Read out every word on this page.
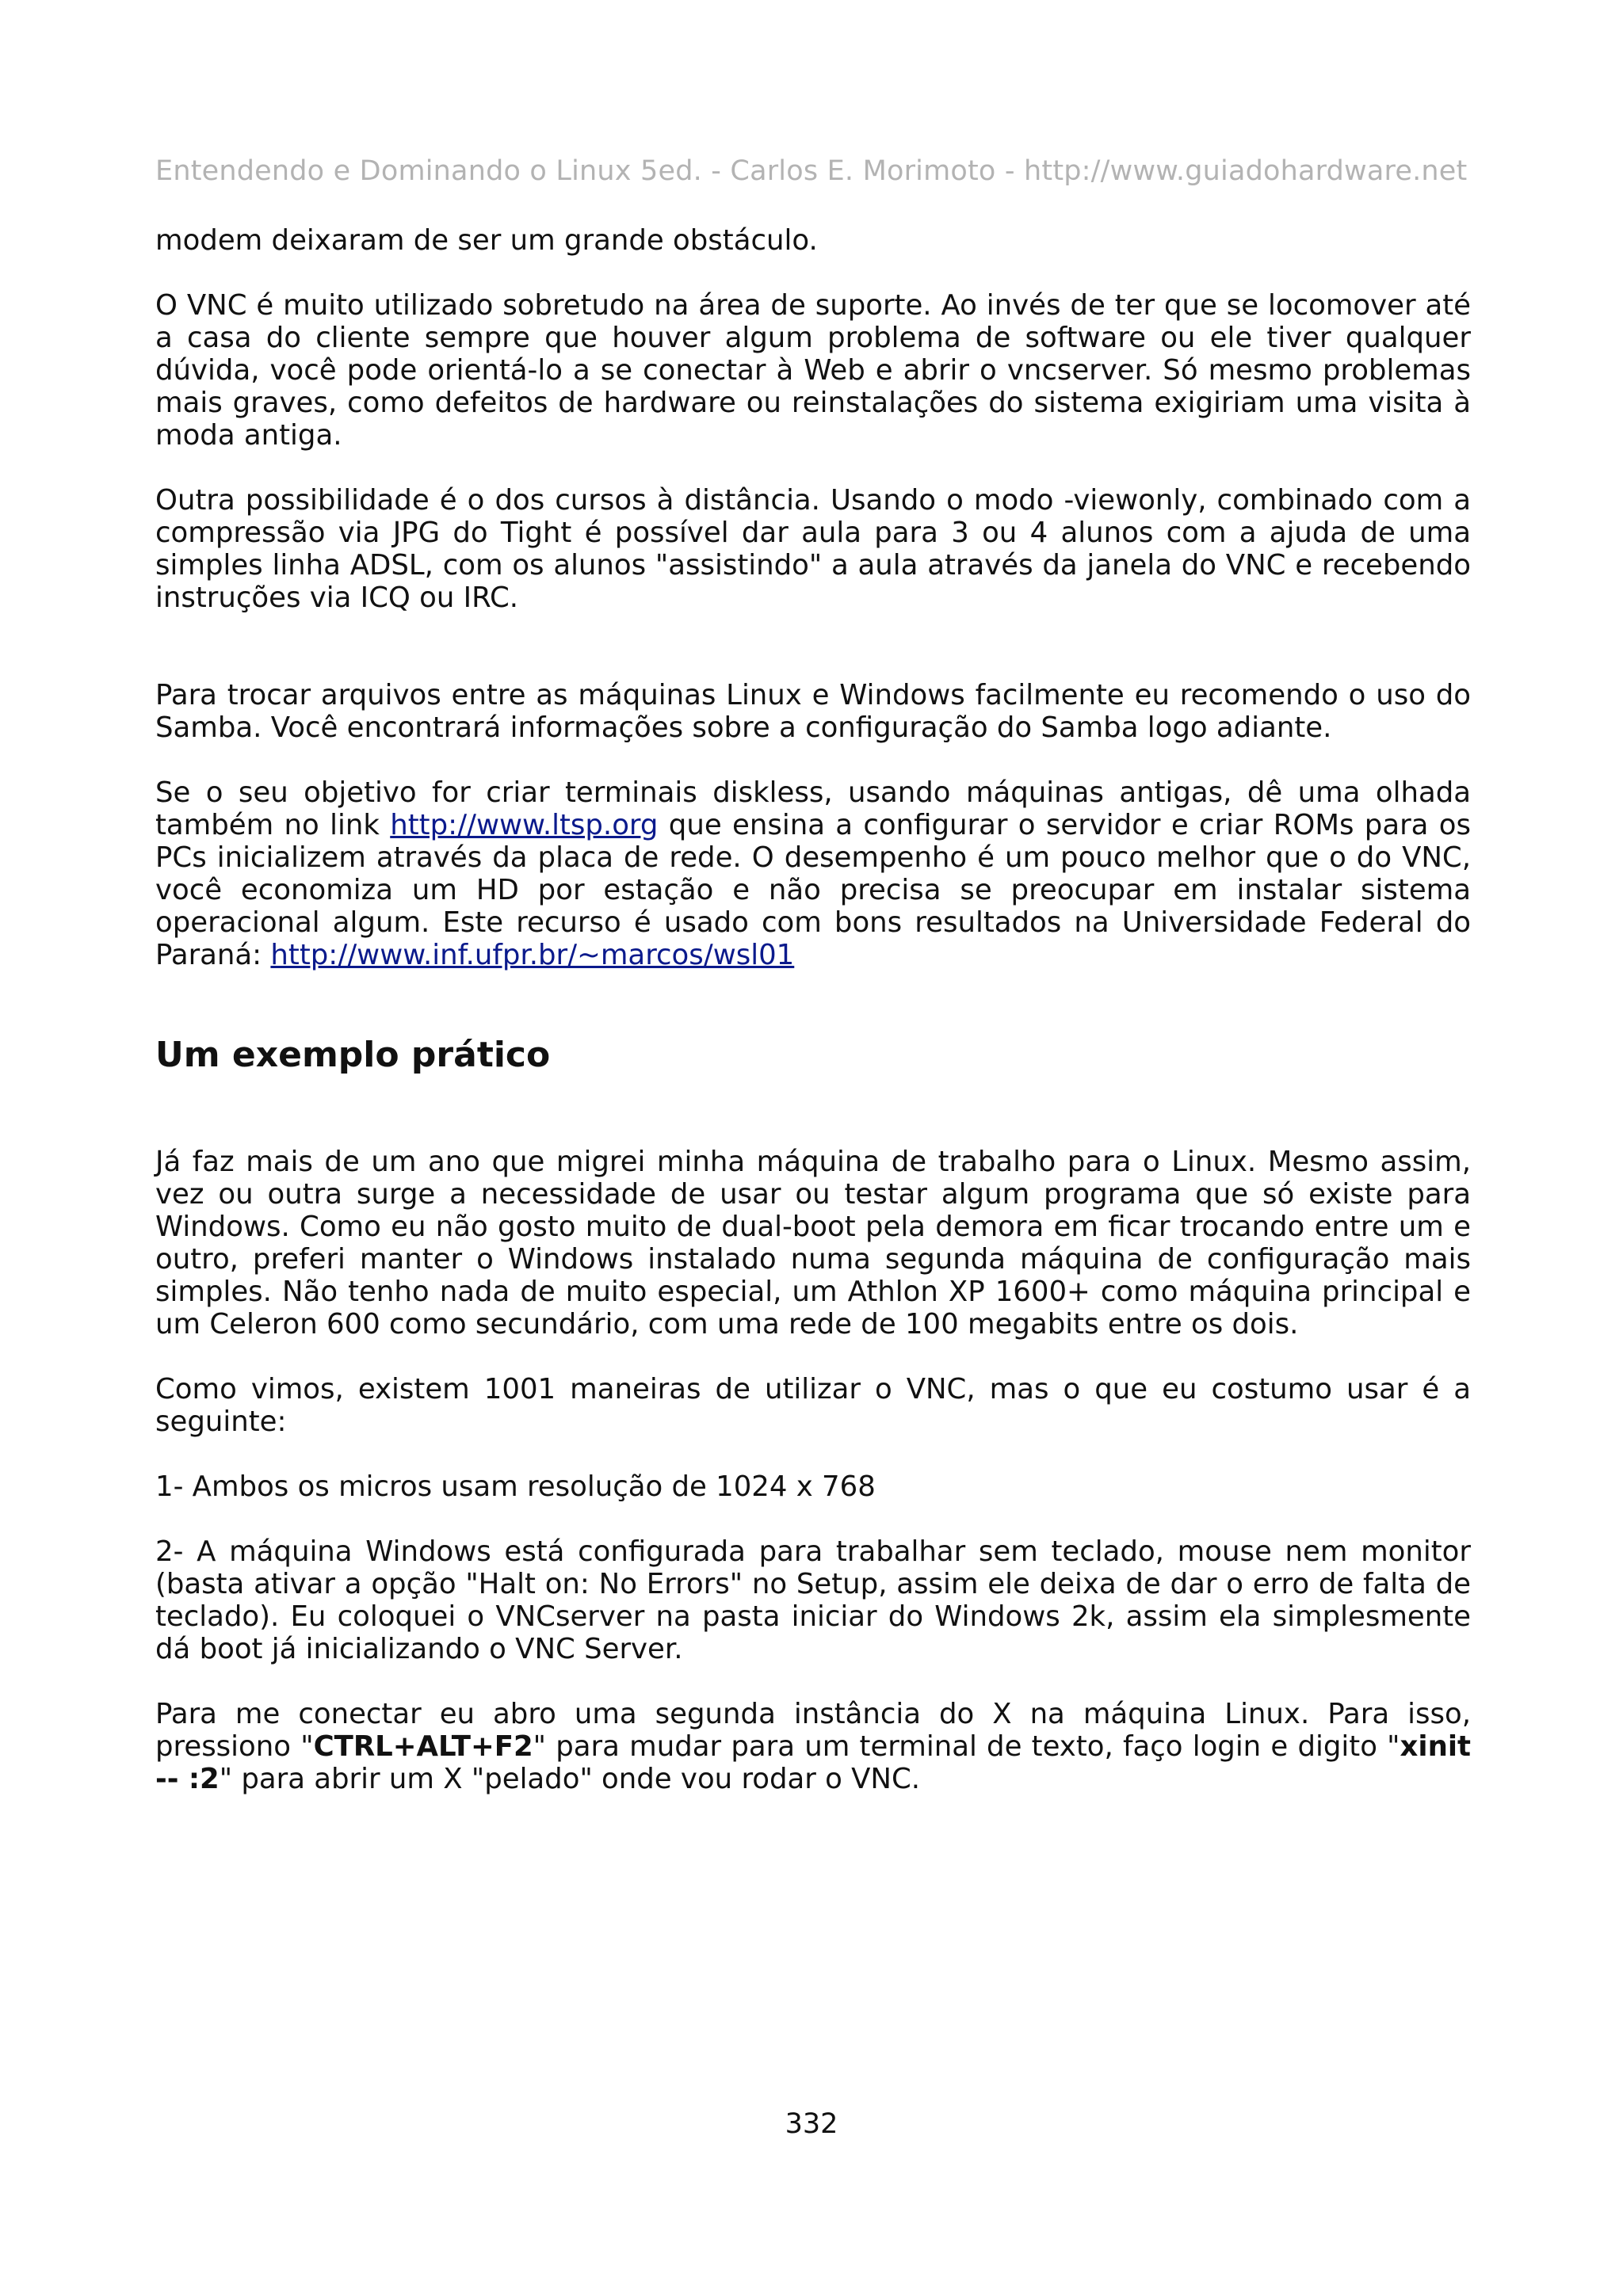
Entendendo e Dominando o Linux 5ed. - Carlos E. Morimoto - http://www.guiadohardware.net

modem deixaram de ser um grande obstáculo.

O VNC é muito utilizado sobretudo na área de suporte. Ao invés de ter que se locomover até a casa do cliente sempre que houver algum problema de software ou ele tiver qualquer dúvida, você pode orientá-lo a se conectar à Web e abrir o vncserver. Só mesmo problemas mais graves, como defeitos de hardware ou reinstalações do sistema exigiriam uma visita à moda antiga.

Outra possibilidade é o dos cursos à distância. Usando o modo -viewonly, combinado com a compressão via JPG do Tight é possível dar aula para 3 ou 4 alunos com a ajuda de uma simples linha ADSL, com os alunos "assistindo" a aula através da janela do VNC e recebendo instruções via ICQ ou IRC.

Para trocar arquivos entre as máquinas Linux e Windows facilmente eu recomendo o uso do Samba. Você encontrará informações sobre a configuração do Samba logo adiante.

Se o seu objetivo for criar terminais diskless, usando máquinas antigas, dê uma olhada também no link http://www.ltsp.org que ensina a configurar o servidor e criar ROMs para os PCs inicializem através da placa de rede. O desempenho é um pouco melhor que o do VNC, você economiza um HD por estação e não precisa se preocupar em instalar sistema operacional algum. Este recurso é usado com bons resultados na Universidade Federal do Paraná: http://www.inf.ufpr.br/~marcos/wsl01

Um exemplo prático

Já faz mais de um ano que migrei minha máquina de trabalho para o Linux. Mesmo assim, vez ou outra surge a necessidade de usar ou testar algum programa que só existe para Windows. Como eu não gosto muito de dual-boot pela demora em ficar trocando entre um e outro, preferi manter o Windows instalado numa segunda máquina de configuração mais simples. Não tenho nada de muito especial, um Athlon XP 1600+ como máquina principal e um Celeron 600 como secundário, com uma rede de 100 megabits entre os dois.

Como vimos, existem 1001 maneiras de utilizar o VNC, mas o que eu costumo usar é a seguinte:

1- Ambos os micros usam resolução de 1024 x 768

2- A máquina Windows está configurada para trabalhar sem teclado, mouse nem monitor (basta ativar a opção "Halt on: No Errors" no Setup, assim ele deixa de dar o erro de falta de teclado). Eu coloquei o VNCserver na pasta iniciar do Windows 2k, assim ela simplesmente dá boot já inicializando o VNC Server.

Para me conectar eu abro uma segunda instância do X na máquina Linux. Para isso, pressiono "CTRL+ALT+F2" para mudar para um terminal de texto, faço login e digito "xinit -- :2" para abrir um X "pelado" onde vou rodar o VNC.

332
